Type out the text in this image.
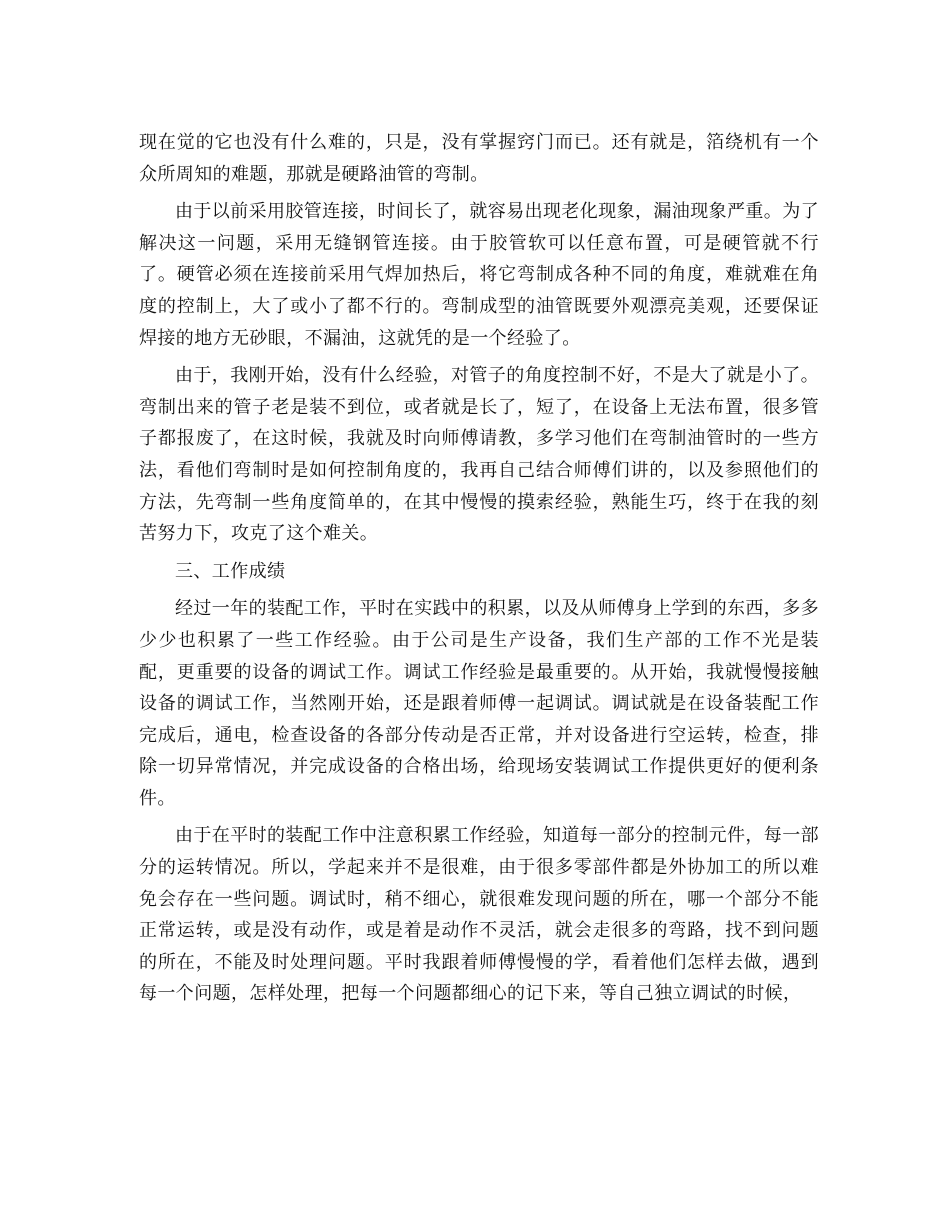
现在觉的它也没有什么难的，只是，没有掌握窍门而已。还有就是，箔绕机有一个众所周知的难题，那就是硬路油管的弯制。

由于以前采用胶管连接，时间长了，就容易出现老化现象，漏油现象严重。为了解决这一问题，采用无缝钢管连接。由于胶管软可以任意布置，可是硬管就不行了。硬管必须在连接前采用气焊加热后，将它弯制成各种不同的角度，难就难在角度的控制上，大了或小了都不行的。弯制成型的油管既要外观漂亮美观，还要保证焊接的地方无砂眼，不漏油，这就凭的是一个经验了。

由于，我刚开始，没有什么经验，对管子的角度控制不好，不是大了就是小了。弯制出来的管子老是装不到位，或者就是长了，短了，在设备上无法布置，很多管子都报废了，在这时候，我就及时向师傅请教，多学习他们在弯制油管时的一些方法，看他们弯制时是如何控制角度的，我再自己结合师傅们讲的，以及参照他们的方法，先弯制一些角度简单的，在其中慢慢的摸索经验，熟能生巧，终于在我的刻苦努力下，攻克了这个难关。

三、工作成绩

经过一年的装配工作，平时在实践中的积累，以及从师傅身上学到的东西，多多少少也积累了一些工作经验。由于公司是生产设备，我们生产部的工作不光是装配，更重要的设备的调试工作。调试工作经验是最重要的。从开始，我就慢慢接触设备的调试工作，当然刚开始，还是跟着师傅一起调试。调试就是在设备装配工作完成后，通电，检查设备的各部分传动是否正常，并对设备进行空运转，检查，排除一切异常情况，并完成设备的合格出场，给现场安装调试工作提供更好的便利条件。

由于在平时的装配工作中注意积累工作经验，知道每一部分的控制元件，每一部分的运转情况。所以，学起来并不是很难，由于很多零部件都是外协加工的所以难免会存在一些问题。调试时，稍不细心，就很难发现问题的所在，哪一个部分不能正常运转，或是没有动作，或是着是动作不灵活，就会走很多的弯路，找不到问题的所在，不能及时处理问题。平时我跟着师傅慢慢的学，看着他们怎样去做，遇到每一个问题，怎样处理，把每一个问题都细心的记下来，等自己独立调试的时候，
